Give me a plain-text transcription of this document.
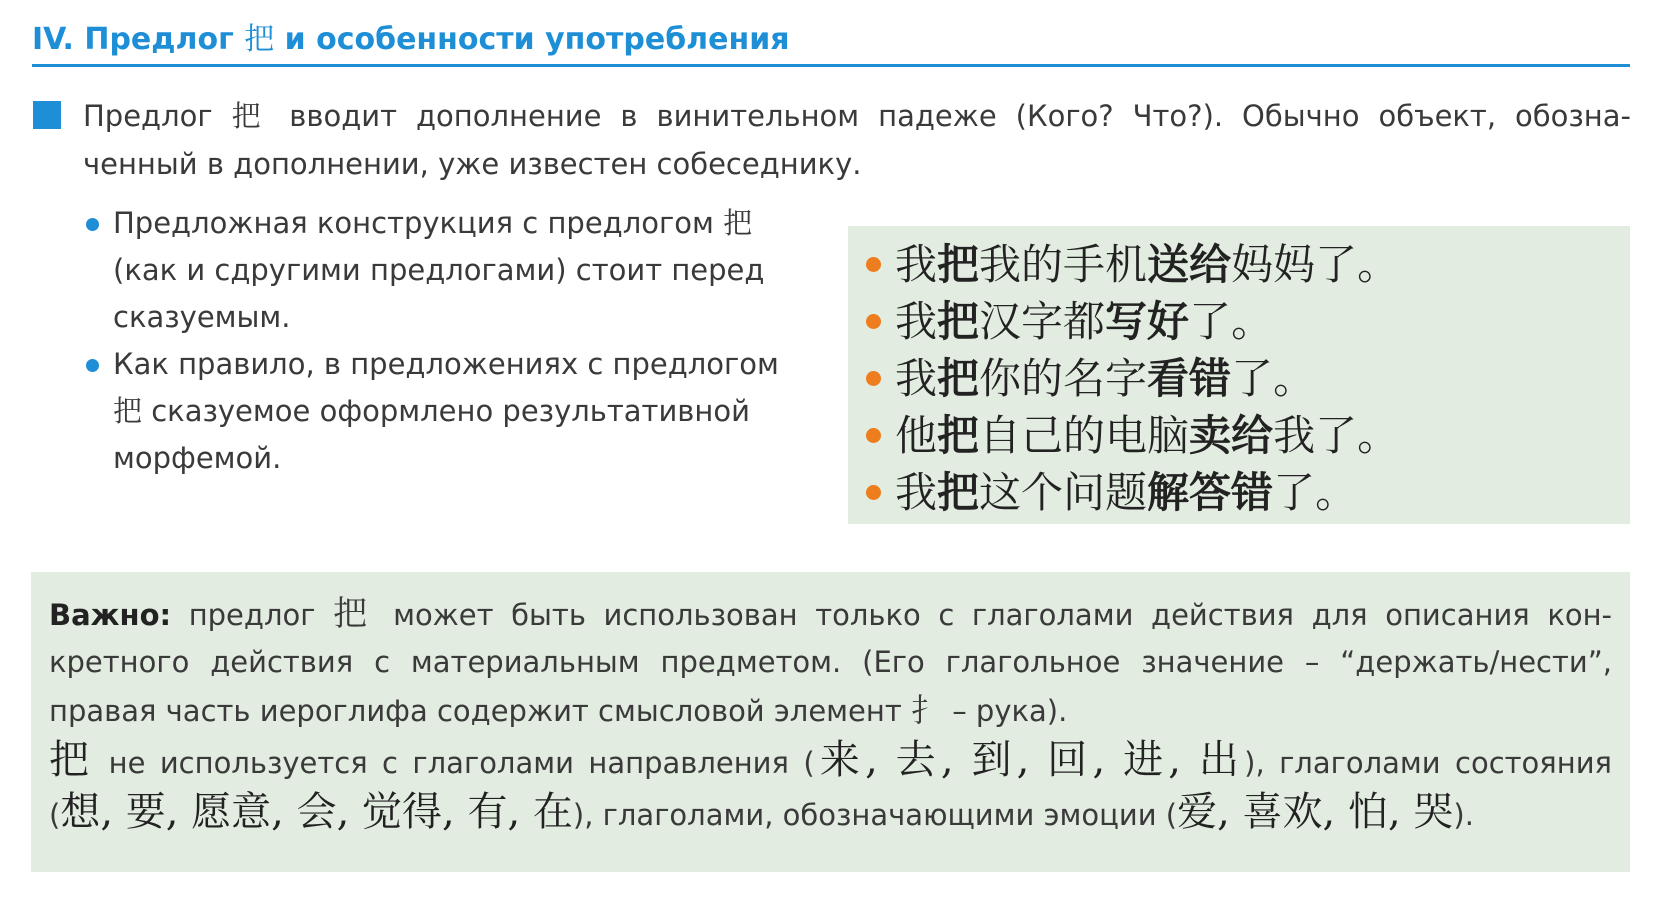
IV. Предлог 把 и особенности употребления
Предлог 把 вводит дополнение в винительном падеже (Кого? Что?). Обычно объект, обозна-
ченный в дополнении, уже известен собеседнику.
Предложная конструкция с предлогом 把
(как и сдругими предлогами) стоит перед
сказуемым.
Как правило, в предложениях с предлогом
把 сказуемое оформлено результативной
морфемой.
我把我的手机送给妈妈了。
我把汉字都写好了。
我把你的名字看错了。
他把自己的电脑卖给我了。
我把这个问题解答错了。
Важно: предлог 把 может быть использован только с глаголами действия для описания кон-
кретного действия с материальным предметом. (Его глагольное значение – “держать/нести”,
правая часть иероглифа содержит смысловой элемент 扌 – рука).
把 не используется с глаголами направления (来, 去, 到, 回, 进, 出), глаголами состояния
(想, 要, 愿意, 会, 觉得, 有, 在), глаголами, обозначающими эмоции (爱, 喜欢, 怕, 哭).
